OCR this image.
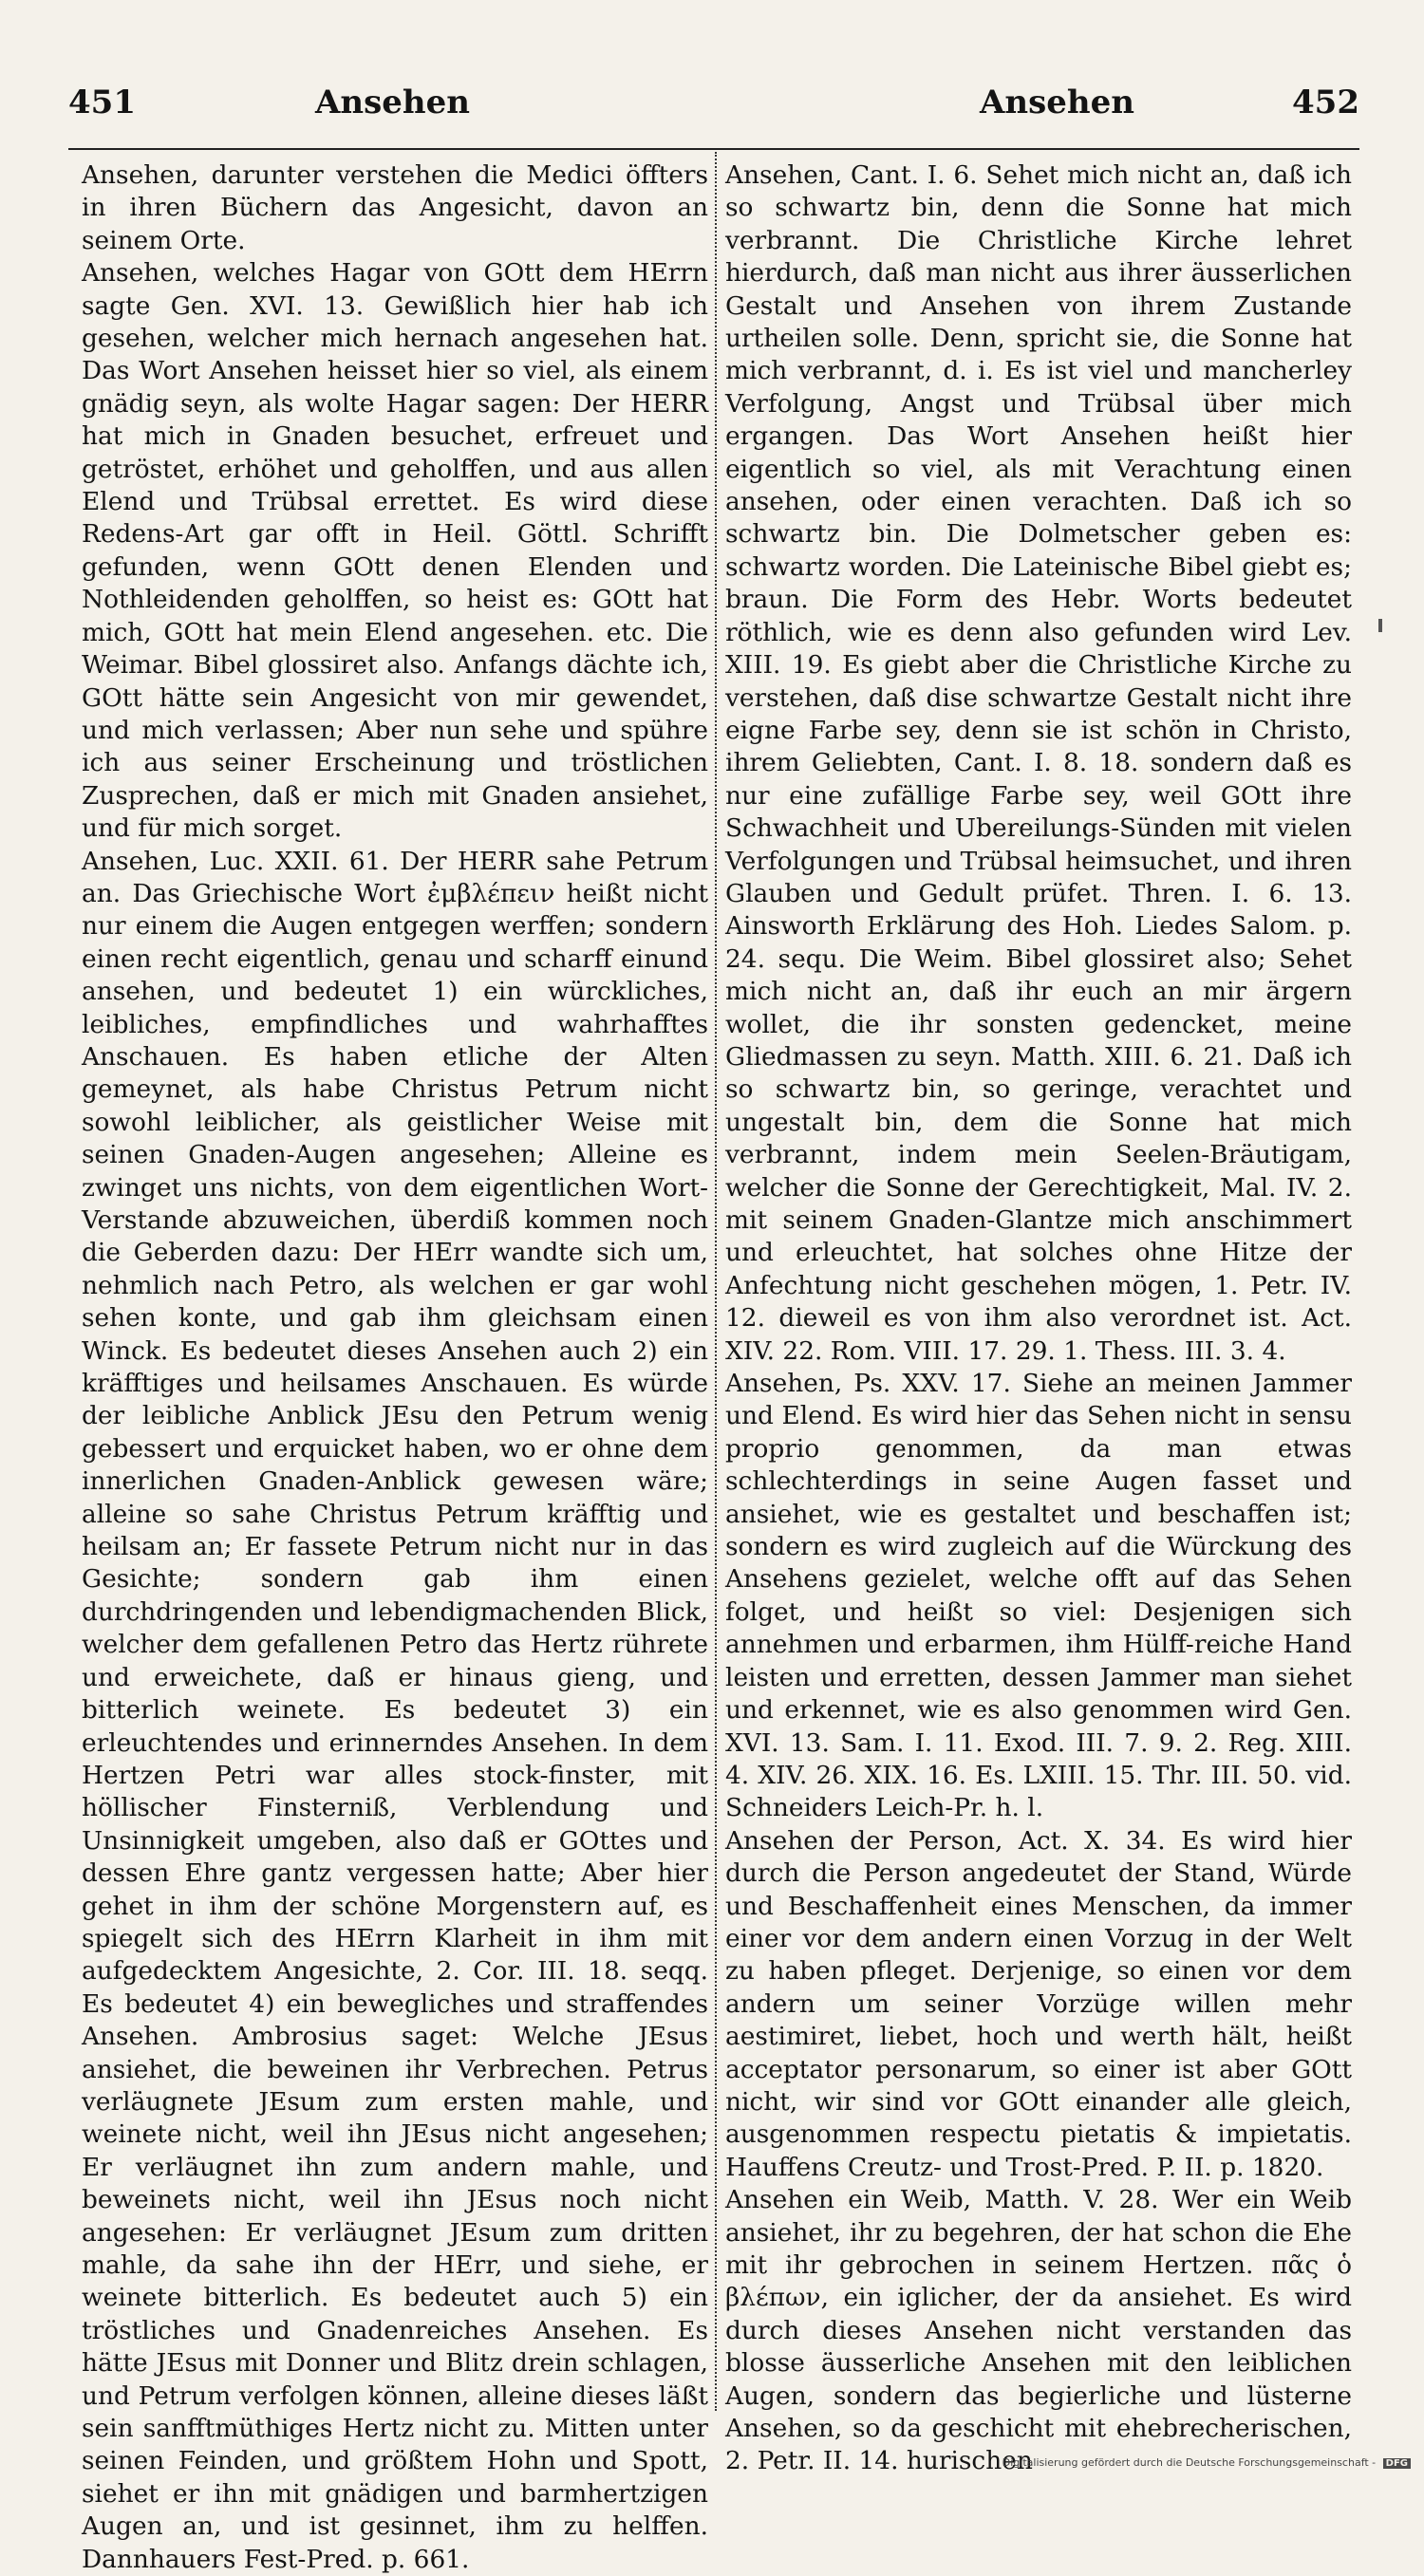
451	Ansehen	Ansehen	452

Ansehen, darunter verstehen die Medici öffters in ihren Büchern das Angesicht, davon an seinem Orte.

Ansehen, welches Hagar von GOtt dem HErrn sagte Gen. XVI. 13. Gewißlich hier hab ich gesehen, welcher mich hernach angesehen hat. Das Wort Ansehen heisset hier so viel, als einem gnädig seyn, als wolte Hagar sagen: Der HERR hat mich in Gnaden besuchet, erfreuet und getröstet, erhöhet und geholffen, und aus allen Elend und Trübsal errettet. Es wird diese Redens-Art gar offt in Heil. Göttl. Schrifft gefunden, wenn GOtt denen Elenden und Nothleidenden geholffen, so heist es: GOtt hat mich, GOtt hat mein Elend angesehen. etc. Die Weimar. Bibel glossiret also. Anfangs dächte ich, GOtt hätte sein Angesicht von mir gewendet, und mich verlassen; Aber nun sehe und spühre ich aus seiner Erscheinung und tröstlichen Zusprechen, daß er mich mit Gnaden ansiehet, und für mich sorget.

Ansehen, Luc. XXII. 61. Der HERR sahe Petrum an. Das Griechische Wort ἐμβλέπειν heißt nicht nur einem die Augen entgegen werffen; sondern einen recht eigentlich, genau und scharff einund ansehen, und bedeutet 1) ein würckliches, leibliches, empfindliches und wahrhafftes Anschauen. Es haben etliche der Alten gemeynet, als habe Christus Petrum nicht sowohl leiblicher, als geistlicher Weise mit seinen Gnaden-Augen angesehen; Alleine es zwinget uns nichts, von dem eigentlichen Wort-Verstande abzuweichen, überdiß kommen noch die Geberden dazu: Der HErr wandte sich um, nehmlich nach Petro, als welchen er gar wohl sehen konte, und gab ihm gleichsam einen Winck. Es bedeutet dieses Ansehen auch 2) ein kräfftiges und heilsames Anschauen. Es würde der leibliche Anblick JEsu den Petrum wenig gebessert und erquicket haben, wo er ohne dem innerlichen Gnaden-Anblick gewesen wäre; alleine so sahe Christus Petrum kräfftig und heilsam an; Er fassete Petrum nicht nur in das Gesichte; sondern gab ihm einen durchdringenden und lebendigmachenden Blick, welcher dem gefallenen Petro das Hertz rührete und erweichete, daß er hinaus gieng, und bitterlich weinete. Es bedeutet 3) ein erleuchtendes und erinnerndes Ansehen. In dem Hertzen Petri war alles stock-finster, mit höllischer Finsterniß, Verblendung und Unsinnigkeit umgeben, also daß er GOttes und dessen Ehre gantz vergessen hatte; Aber hier gehet in ihm der schöne Morgenstern auf, es spiegelt sich des HErrn Klarheit in ihm mit aufgedecktem Angesichte, 2. Cor. III. 18. seqq. Es bedeutet 4) ein bewegliches und straffendes Ansehen. Ambrosius saget: Welche JEsus ansiehet, die beweinen ihr Verbrechen. Petrus verläugnete JEsum zum ersten mahle, und weinete nicht, weil ihn JEsus nicht angesehen; Er verläugnet ihn zum andern mahle, und beweinets nicht, weil ihn JEsus noch nicht angesehen: Er verläugnet JEsum zum dritten mahle, da sahe ihn der HErr, und siehe, er weinete bitterlich. Es bedeutet auch 5) ein tröstliches und Gnadenreiches Ansehen. Es hätte JEsus mit Donner und Blitz drein schlagen, und Petrum verfolgen können, alleine dieses läßt sein sanfftmüthiges Hertz nicht zu. Mitten unter seinen Feinden, und größtem Hohn und Spott, siehet er ihn mit gnädigen und barmhertzigen Augen an, und ist gesinnet, ihm zu helffen. Dannhauers Fest-Pred. p. 661.

Ansehen, Cant. I. 6. Sehet mich nicht an, daß ich so schwartz bin, denn die Sonne hat mich verbrannt. Die Christliche Kirche lehret hierdurch, daß man nicht aus ihrer äusserlichen Gestalt und Ansehen von ihrem Zustande urtheilen solle. Denn, spricht sie, die Sonne hat mich verbrannt, d. i. Es ist viel und mancherley Verfolgung, Angst und Trübsal über mich ergangen. Das Wort Ansehen heißt hier eigentlich so viel, als mit Verachtung einen ansehen, oder einen verachten. Daß ich so schwartz bin. Die Dolmetscher geben es: schwartz worden. Die Lateinische Bibel giebt es; braun. Die Form des Hebr. Worts bedeutet röthlich, wie es denn also gefunden wird Lev. XIII. 19. Es giebt aber die Christliche Kirche zu verstehen, daß dise schwartze Gestalt nicht ihre eigne Farbe sey, denn sie ist schön in Christo, ihrem Geliebten, Cant. I. 8. 18. sondern daß es nur eine zufällige Farbe sey, weil GOtt ihre Schwachheit und Ubereilungs-Sünden mit vielen Verfolgungen und Trübsal heimsuchet, und ihren Glauben und Gedult prüfet. Thren. I. 6. 13. Ainsworth Erklärung des Hoh. Liedes Salom. p. 24. sequ. Die Weim. Bibel glossiret also; Sehet mich nicht an, daß ihr euch an mir ärgern wollet, die ihr sonsten gedencket, meine Gliedmassen zu seyn. Matth. XIII. 6. 21. Daß ich so schwartz bin, so geringe, verachtet und ungestalt bin, dem die Sonne hat mich verbrannt, indem mein Seelen-Bräutigam, welcher die Sonne der Gerechtigkeit, Mal. IV. 2. mit seinem Gnaden-Glantze mich anschimmert und erleuchtet, hat solches ohne Hitze der Anfechtung nicht geschehen mögen, 1. Petr. IV. 12. dieweil es von ihm also verordnet ist. Act. XIV. 22. Rom. VIII. 17. 29. 1. Thess. III. 3. 4.

Ansehen, Ps. XXV. 17. Siehe an meinen Jammer und Elend. Es wird hier das Sehen nicht in sensu proprio genommen, da man etwas schlechterdings in seine Augen fasset und ansiehet, wie es gestaltet und beschaffen ist; sondern es wird zugleich auf die Würckung des Ansehens gezielet, welche offt auf das Sehen folget, und heißt so viel: Desjenigen sich annehmen und erbarmen, ihm Hülff-reiche Hand leisten und erretten, dessen Jammer man siehet und erkennet, wie es also genommen wird Gen. XVI. 13. Sam. I. 11. Exod. III. 7. 9. 2. Reg. XIII. 4. XIV. 26. XIX. 16. Es. LXIII. 15. Thr. III. 50. vid. Schneiders Leich-Pr. h. l.

Ansehen der Person, Act. X. 34. Es wird hier durch die Person angedeutet der Stand, Würde und Beschaffenheit eines Menschen, da immer einer vor dem andern einen Vorzug in der Welt zu haben pfleget. Derjenige, so einen vor dem andern um seiner Vorzüge willen mehr aestimiret, liebet, hoch und werth hält, heißt acceptator personarum, so einer ist aber GOtt nicht, wir sind vor GOtt einander alle gleich, ausgenommen respectu pietatis & impietatis. Hauffens Creutz- und Trost-Pred. P. II. p. 1820.

Ansehen ein Weib, Matth. V. 28. Wer ein Weib ansiehet, ihr zu begehren, der hat schon die Ehe mit ihr gebrochen in seinem Hertzen. πᾶς ὁ βλέπων, ein iglicher, der da ansiehet. Es wird durch dieses Ansehen nicht verstanden das blosse äusserliche Ansehen mit den leiblichen Augen, sondern das begierliche und lüsterne Ansehen, so da geschicht mit ehebrecherischen, 2. Petr. II. 14. hurischen

Digitalisierung gefördert durch die Deutsche Forschungsgemeinschaft - DFG
